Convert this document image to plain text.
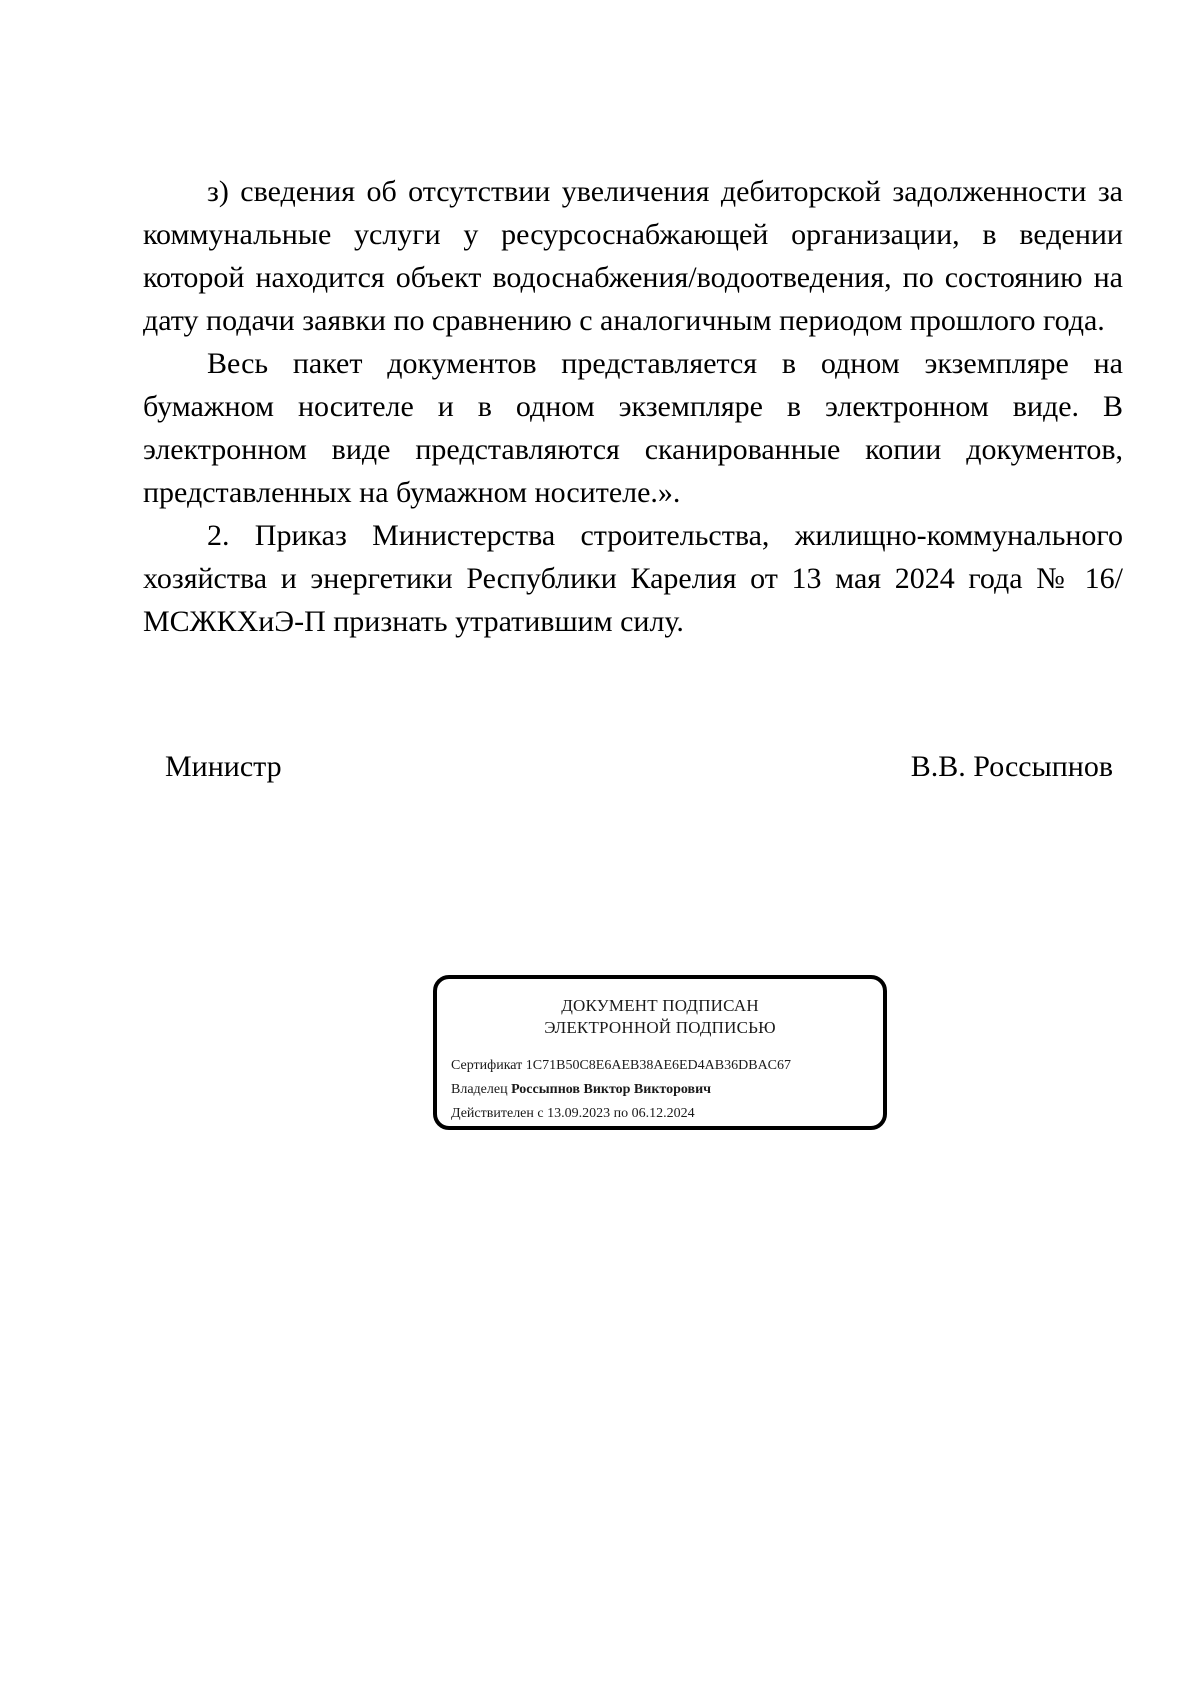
з) сведения об отсутствии увеличения дебиторской задолженности за коммунальные услуги у ресурсоснабжающей организации, в ведении которой находится объект водоснабжения/водоотведения, по состоянию на дату подачи заявки по сравнению с аналогичным периодом прошлого года.

Весь пакет документов представляется в одном экземпляре на бумажном носителе и в одном экземпляре в электронном виде. В электронном виде представляются сканированные копии документов, представленных на бумажном носителе.».

2. Приказ Министерства строительства, жилищно-коммунального хозяйства и энергетики Республики Карелия от 13 мая 2024 года № 16/МСЖКХиЭ-П признать утратившим силу.

Министр	В.В. Россыпнов
ДОКУМЕНТ ПОДПИСАН
ЭЛЕКТРОННОЙ ПОДПИСЬЮ
Сертификат 1C71B50C8E6AEB38AE6ED4AB36DBAC67
Владелец Россыпнов Виктор Викторович
Действителен с 13.09.2023 по 06.12.2024
